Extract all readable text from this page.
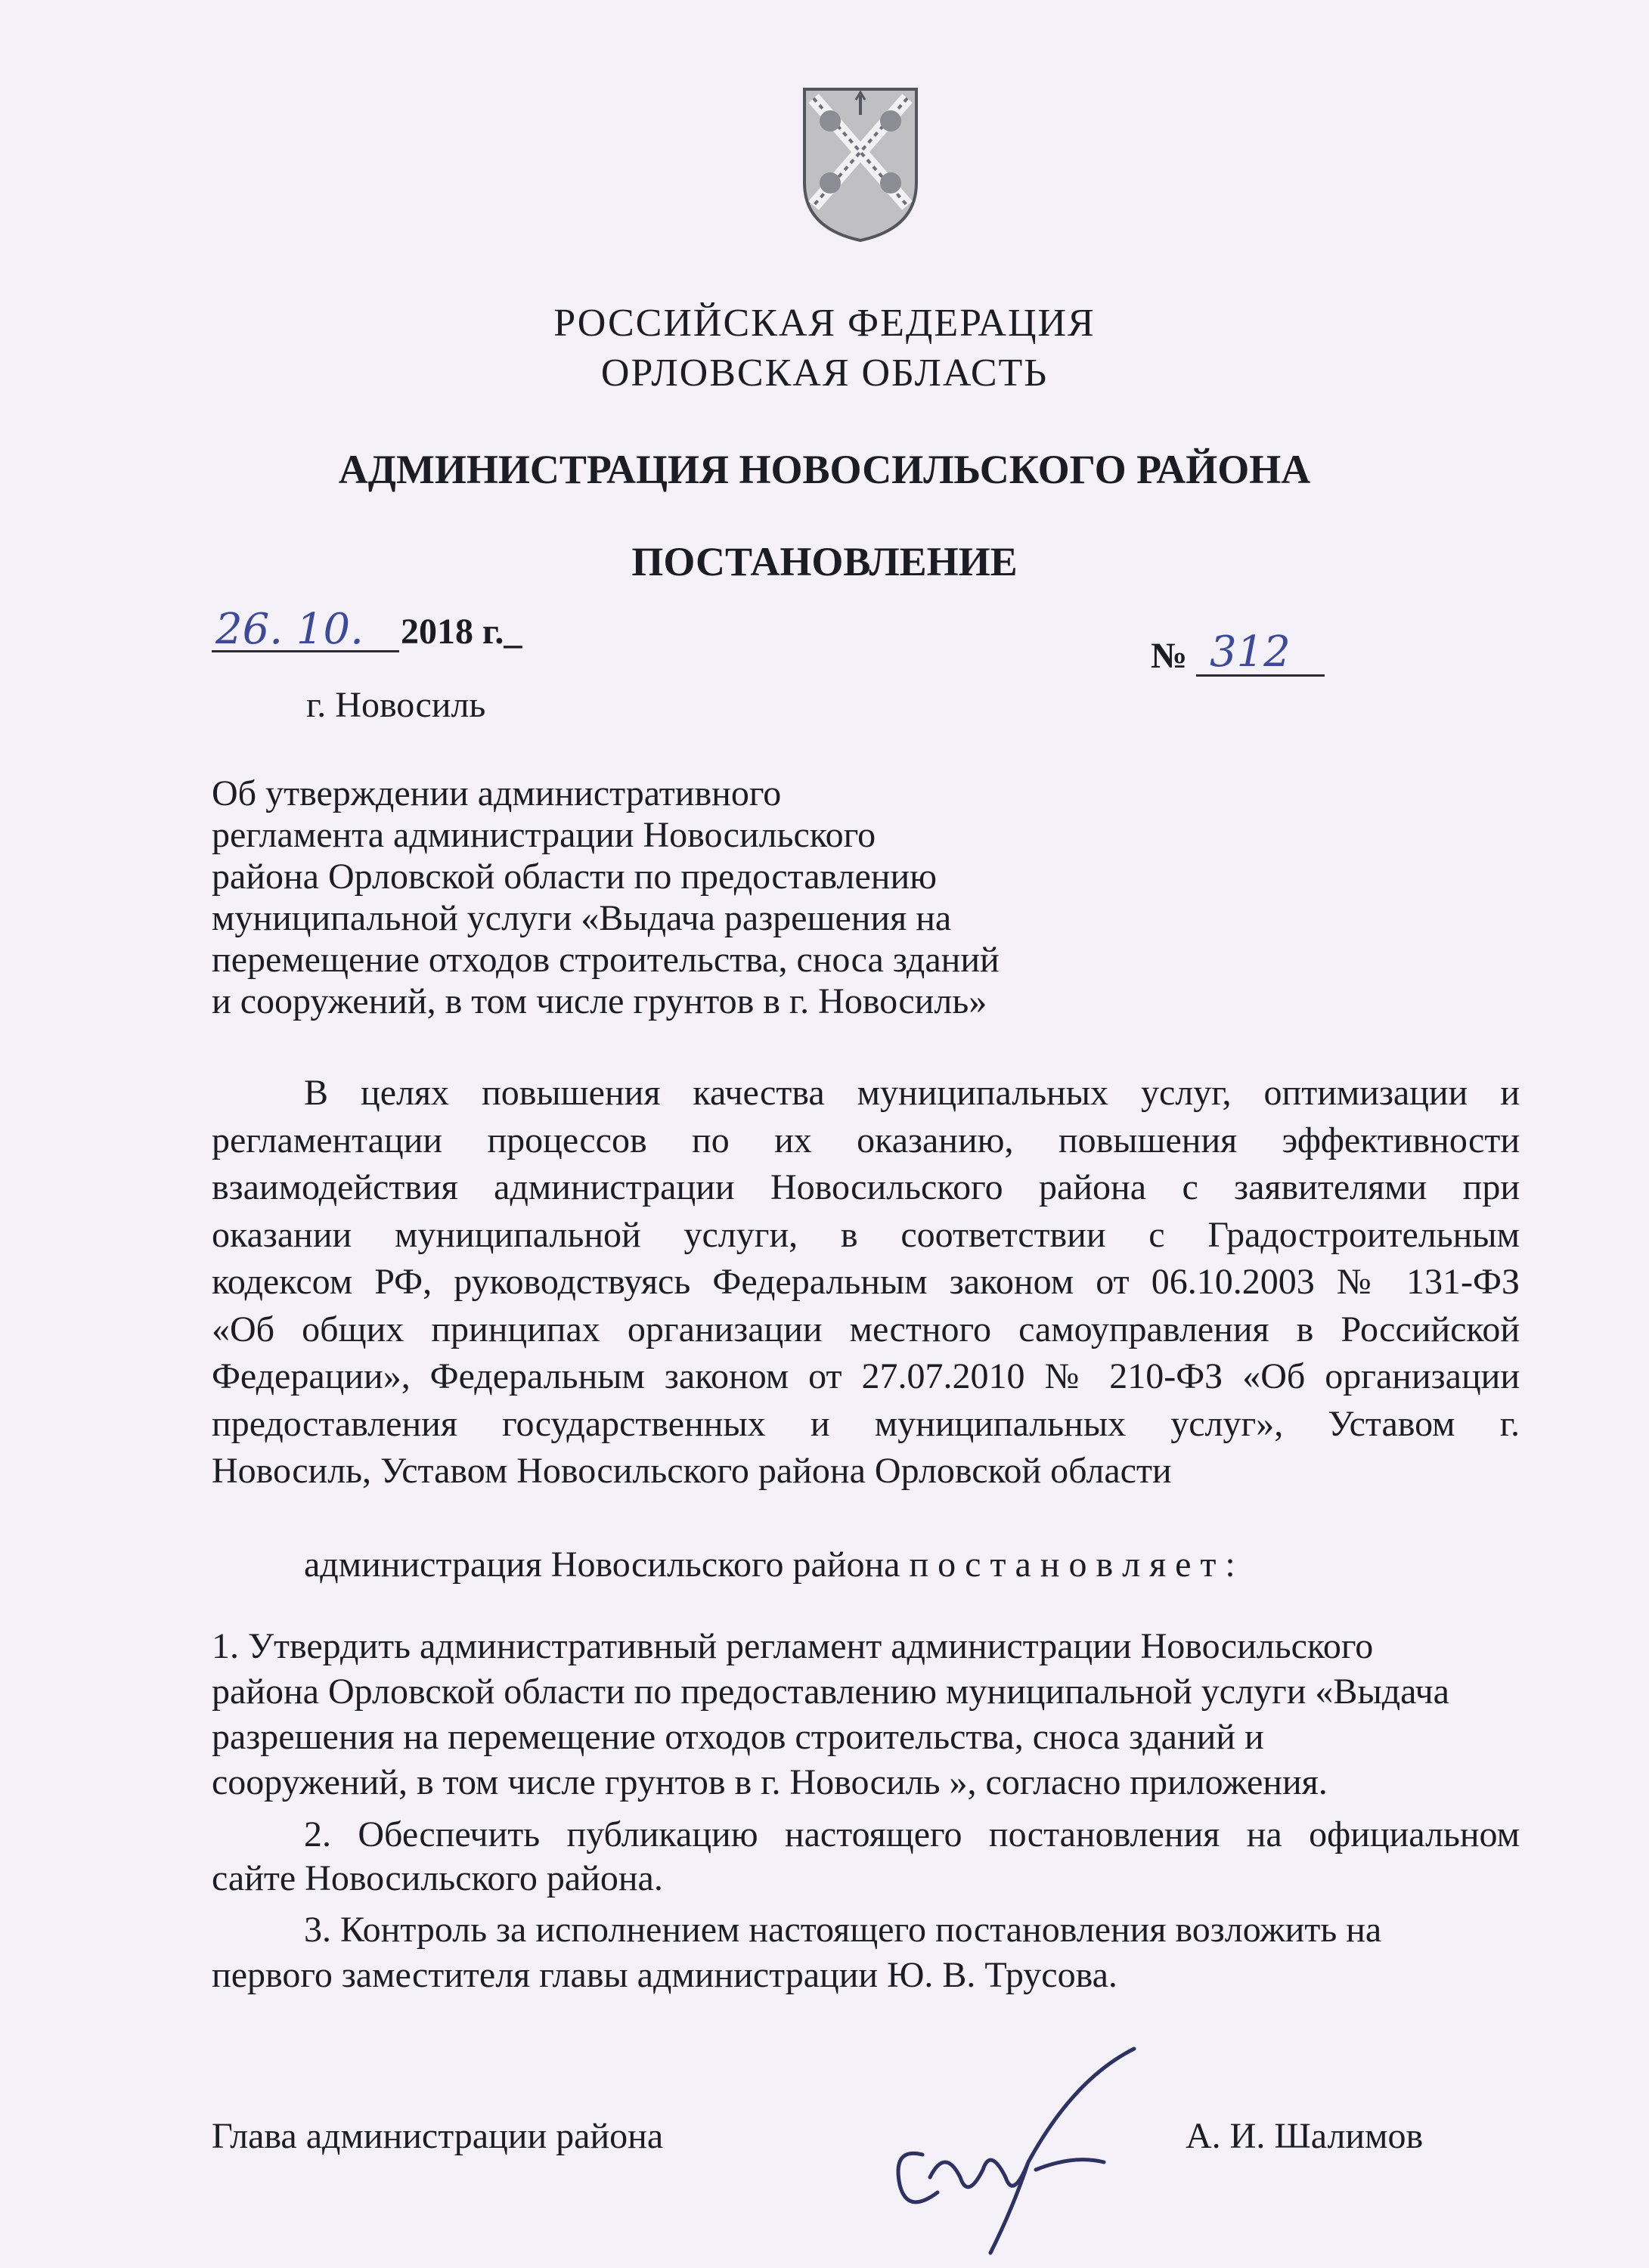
РОССИЙСКАЯ ФЕДЕРАЦИЯ
ОРЛОВСКАЯ ОБЛАСТЬ
АДМИНИСТРАЦИЯ НОВОСИЛЬСКОГО РАЙОНА
ПОСТАНОВЛЕНИЕ
26. 10. 2018 г._
№ 312
г. Новосиль
Об утверждении административного
регламента администрации Новосильского
района Орловской области по предоставлению
муниципальной услуги «Выдача разрешения на
перемещение отходов строительства, сноса зданий
и сооружений, в том числе грунтов в г. Новосиль»
В целях повышения качества муниципальных услуг, оптимизации и
регламентации процессов по их оказанию, повышения эффективности
взаимодействия администрации Новосильского района с заявителями при
оказании муниципальной услуги, в соответствии с Градостроительным
кодексом РФ, руководствуясь Федеральным законом от 06.10.2003 № 131-ФЗ
«Об общих принципах организации местного самоуправления в Российской
Федерации», Федеральным законом от 27.07.2010 № 210-ФЗ «Об организации
предоставления государственных и муниципальных услуг», Уставом г.
Новосиль, Уставом Новосильского района Орловской области
администрация Новосильского района п о с т а н о в л я е т :
1. Утвердить административный регламент администрации Новосильского
района Орловской области по предоставлению муниципальной услуги «Выдача
разрешения на перемещение отходов строительства, сноса зданий и
сооружений, в том числе грунтов в г. Новосиль », согласно приложения.
2. Обеспечить публикацию настоящего постановления на официальном
сайте Новосильского района.
3. Контроль за исполнением настоящего постановления возложить на
первого заместителя главы администрации Ю. В. Трусова.
Глава администрации района	А. И. Шалимов
